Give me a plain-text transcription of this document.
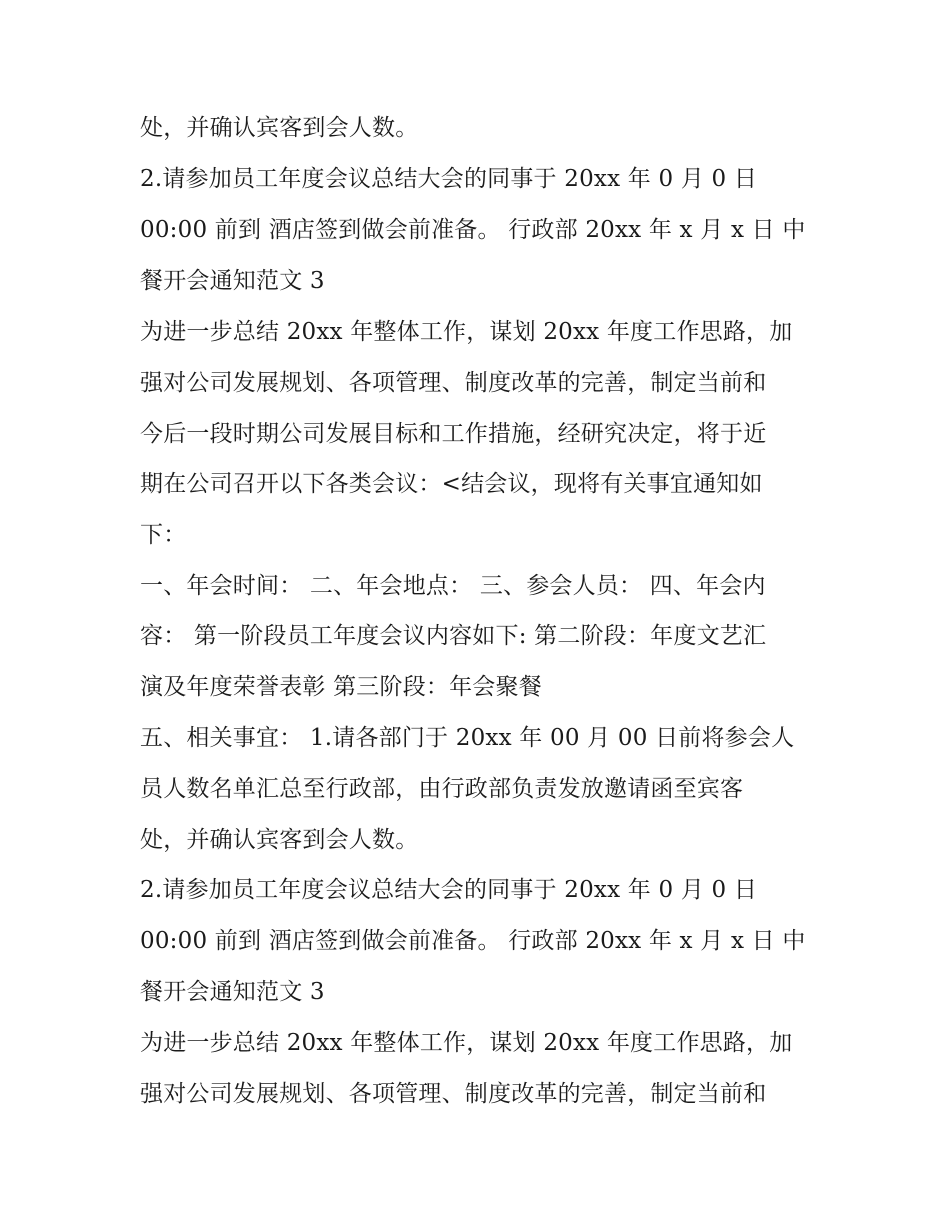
处，并确认宾客到会人数。
2.请参加员工年度会议总结大会的同事于 20xx 年 0 月 0 日
00:00 前到 酒店签到做会前准备。 行政部 20xx 年 x 月 x 日 中
餐开会通知范文 3
为进一步总结 20xx 年整体工作，谋划 20xx 年度工作思路，加
强对公司发展规划、各项管理、制度改革的完善，制定当前和
今后一段时期公司发展目标和工作措施，经研究决定，将于近
期在公司召开以下各类会议：<结会议，现将有关事宜通知如
下：
一、年会时间： 二、年会地点： 三、参会人员： 四、年会内
容： 第一阶段员工年度会议内容如下: 第二阶段：年度文艺汇
演及年度荣誉表彰 第三阶段：年会聚餐
五、相关事宜： 1.请各部门于 20xx 年 00 月 00 日前将参会人
员人数名单汇总至行政部，由行政部负责发放邀请函至宾客
处，并确认宾客到会人数。
2.请参加员工年度会议总结大会的同事于 20xx 年 0 月 0 日
00:00 前到 酒店签到做会前准备。 行政部 20xx 年 x 月 x 日 中
餐开会通知范文 3
为进一步总结 20xx 年整体工作，谋划 20xx 年度工作思路，加
强对公司发展规划、各项管理、制度改革的完善，制定当前和
